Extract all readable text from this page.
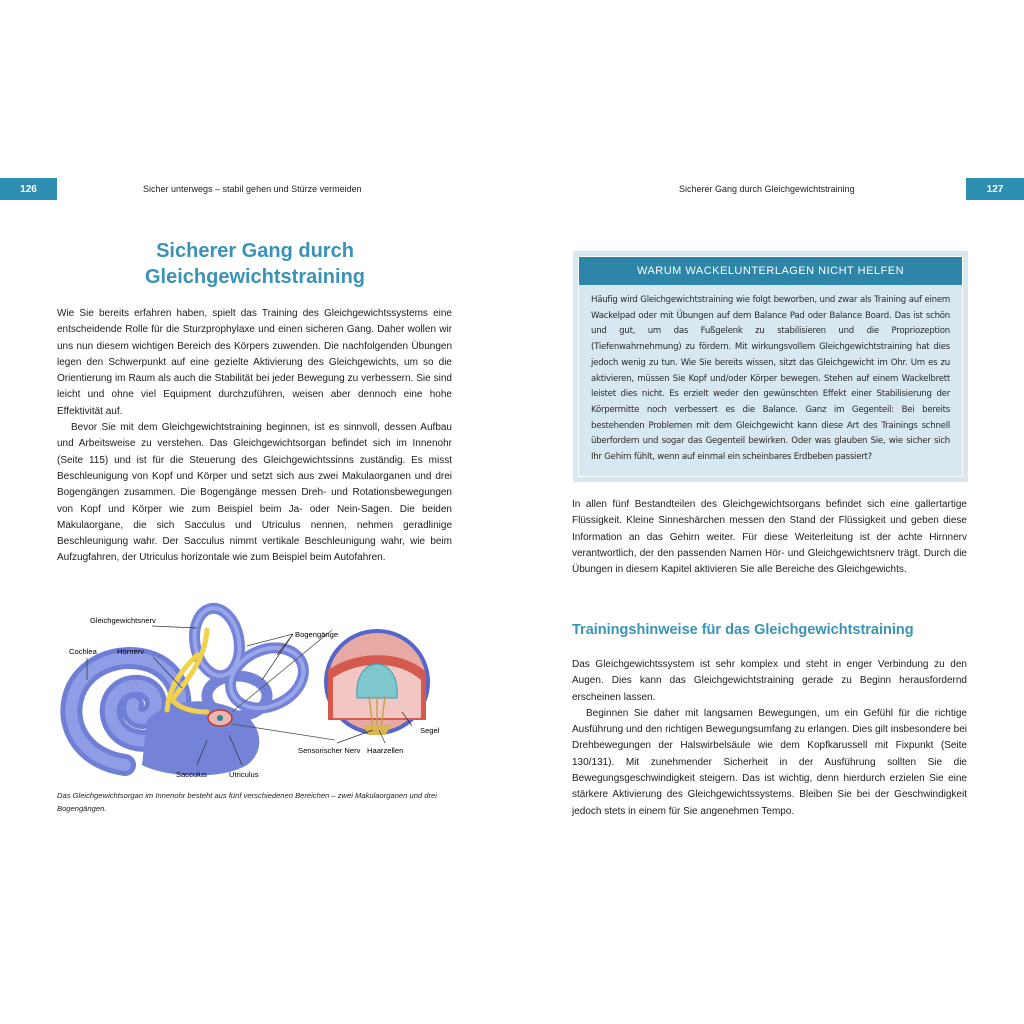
126	Sicher unterwegs – stabil gehen und Stürze vermeiden	Sicherer Gang durch Gleichgewichtstraining	127
Sicherer Gang durch
Gleichgewichtstraining

Wie Sie bereits erfahren haben, spielt das Training des Gleichgewichtssystems eine entscheidende Rolle für die Sturzprophylaxe und einen sicheren Gang. Daher wollen wir uns nun diesem wichtigen Bereich des Körpers zuwenden. Die nachfolgenden Übungen legen den Schwerpunkt auf eine gezielte Aktivierung des Gleichgewichts, um so die Orientierung im Raum als auch die Stabilität bei jeder Bewegung zu verbessern. Sie sind leicht und ohne viel Equipment durchzuführen, weisen aber dennoch eine hohe Effektivität auf.

Bevor Sie mit dem Gleichgewichtstraining beginnen, ist es sinnvoll, dessen Aufbau und Arbeitsweise zu verstehen. Das Gleichgewichtsorgan befindet sich im Innenohr (Seite 115) und ist für die Steuerung des Gleichgewichtssinns zuständig. Es misst Beschleunigung von Kopf und Körper und setzt sich aus zwei Makulaorganen und drei Bogengängen zusammen. Die Bogengänge messen Dreh- und Rotationsbewegungen von Kopf und Körper wie zum Beispiel beim Ja- oder Nein-Sagen. Die beiden Makulaorgane, die sich Sacculus und Utriculus nennen, nehmen geradlinige Beschleunigung wahr. Der Sacculus nimmt vertikale Beschleunigung wahr, wie beim Aufzugfahren, der Utriculus horizontale wie zum Beispiel beim Autofahren.

Gleichgewichtsnerv
Cochlea	Hörnerv
Bogengänge
Segel
Sensorischer Nerv Haarzellen
Sacculus	Utriculus
Das Gleichgewichtsorgan im Innenohr besteht aus fünf verschiedenen Bereichen – zwei Makulaorganen und drei Bogengängen.
WARUM WACKELUNTERLAGEN NICHT HELFEN
Häufig wird Gleichgewichtstraining wie folgt beworben, und zwar als Training auf einem Wackelpad oder mit Übungen auf dem Balance Pad oder Balance Board. Das ist schön und gut, um das Fußgelenk zu stabilisieren und die Propriozeption (Tiefenwahrnehmung) zu fördern. Mit wirkungsvollem Gleichgewichtstraining hat dies jedoch wenig zu tun. Wie Sie bereits wissen, sitzt das Gleichgewicht im Ohr. Um es zu aktivieren, müssen Sie Kopf und/oder Körper bewegen. Stehen auf einem Wackelbrett leistet dies nicht. Es erzielt weder den gewünschten Effekt einer Stabilisierung der Körpermitte noch verbessert es die Balance. Ganz im Gegenteil: Bei bereits bestehenden Problemen mit dem Gleichgewicht kann diese Art des Trainings schnell überfordern und sogar das Gegenteil bewirken. Oder was glauben Sie, wie sicher sich Ihr Gehirn fühlt, wenn auf einmal ein scheinbares Erdbeben passiert?

In allen fünf Bestandteilen des Gleichgewichtsorgans befindet sich eine gallertartige Flüssigkeit. Kleine Sinneshärchen messen den Stand der Flüssigkeit und geben diese Information an das Gehirn weiter. Für diese Weiterleitung ist der achte Hirnnerv verantwortlich, der den passenden Namen Hör- und Gleichgewichtsnerv trägt. Durch die Übungen in diesem Kapitel aktivieren Sie alle Bereiche des Gleichgewichts.

Trainingshinweise für das Gleichgewichtstraining

Das Gleichgewichtssystem ist sehr komplex und steht in enger Verbindung zu den Augen. Dies kann das Gleichgewichtstraining gerade zu Beginn herausfordernd erscheinen lassen.

Beginnen Sie daher mit langsamen Bewegungen, um ein Gefühl für die richtige Ausführung und den richtigen Bewegungsumfang zu erlangen. Dies gilt insbesondere bei Drehbewegungen der Halswirbelsäule wie dem Kopfkarussell mit Fixpunkt (Seite 130/131). Mit zunehmender Sicherheit in der Ausführung sollten Sie die Bewegungsgeschwindigkeit steigern. Das ist wichtig, denn hierdurch erzielen Sie eine stärkere Aktivierung des Gleichgewichtssystems. Bleiben Sie bei der Geschwindigkeit jedoch stets in einem für Sie angenehmen Tempo.
